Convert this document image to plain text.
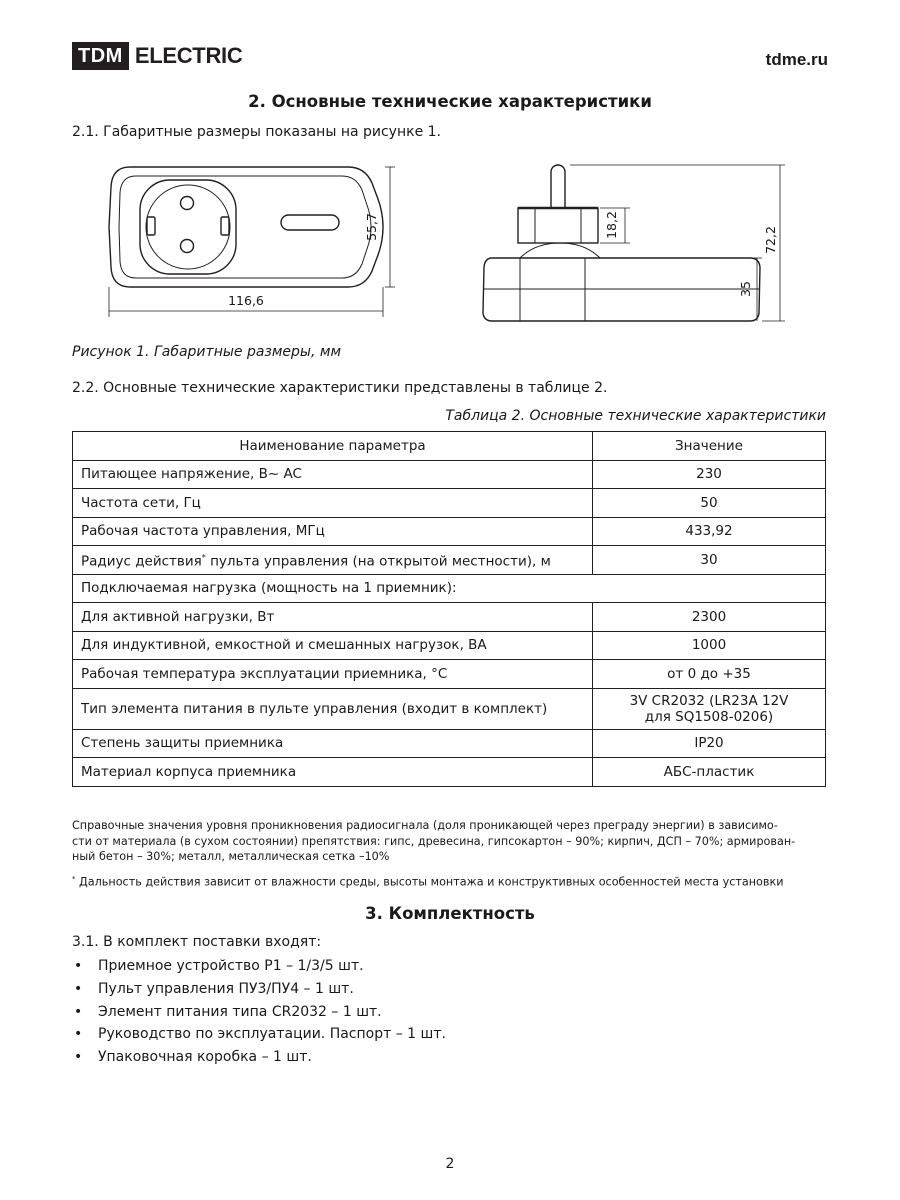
TDM ELECTRIC	tdme.ru
2. Основные технические характеристики
2.1. Габаритные размеры показаны на рисунке 1.
55,7
116,6
18,2
72,2
35
Рисунок 1. Габаритные размеры, мм
2.2. Основные технические характеристики представлены в таблице 2.
Таблица 2. Основные технические характеристики
Наименование параметра	Значение
Питающее напряжение, В~ AC	230
Частота сети, Гц	50
Рабочая частота управления, МГц	433,92
Радиус действия* пульта управления (на открытой местности), м	30
Подключаемая нагрузка (мощность на 1 приемник):	
Для активной нагрузки, Вт	2300
Для индуктивной, емкостной и смешанных нагрузок, ВА	1000
Рабочая температура эксплуатации приемника, °С	от 0 до +35
Тип элемента питания в пульте управления (входит в комплект)	3V CR2032 (LR23A 12V
для SQ1508-0206)

Степень защиты приемника	IP20
Материал корпуса приемника	АБС-пластик
Справочные значения уровня проникновения радиосигнала (доля проникающей через преграду энергии) в зависимо-
сти от материала (в сухом состоянии) препятствия: гипс, древесина, гипсокартон – 90%; кирпич, ДСП – 70%; армирован-
ный бетон – 30%; металл, металлическая сетка –10%
* Дальность действия зависит от влажности среды, высоты монтажа и конструктивных особенностей места установки
3. Комплектность
3.1. В комплект поставки входят:
• Приемное устройство Р1 – 1/3/5 шт.
• Пульт управления ПУ3/ПУ4 – 1 шт.
• Элемент питания типа CR2032 – 1 шт.
• Руководство по эксплуатации. Паспорт – 1 шт.
• Упаковочная коробка – 1 шт.
2
